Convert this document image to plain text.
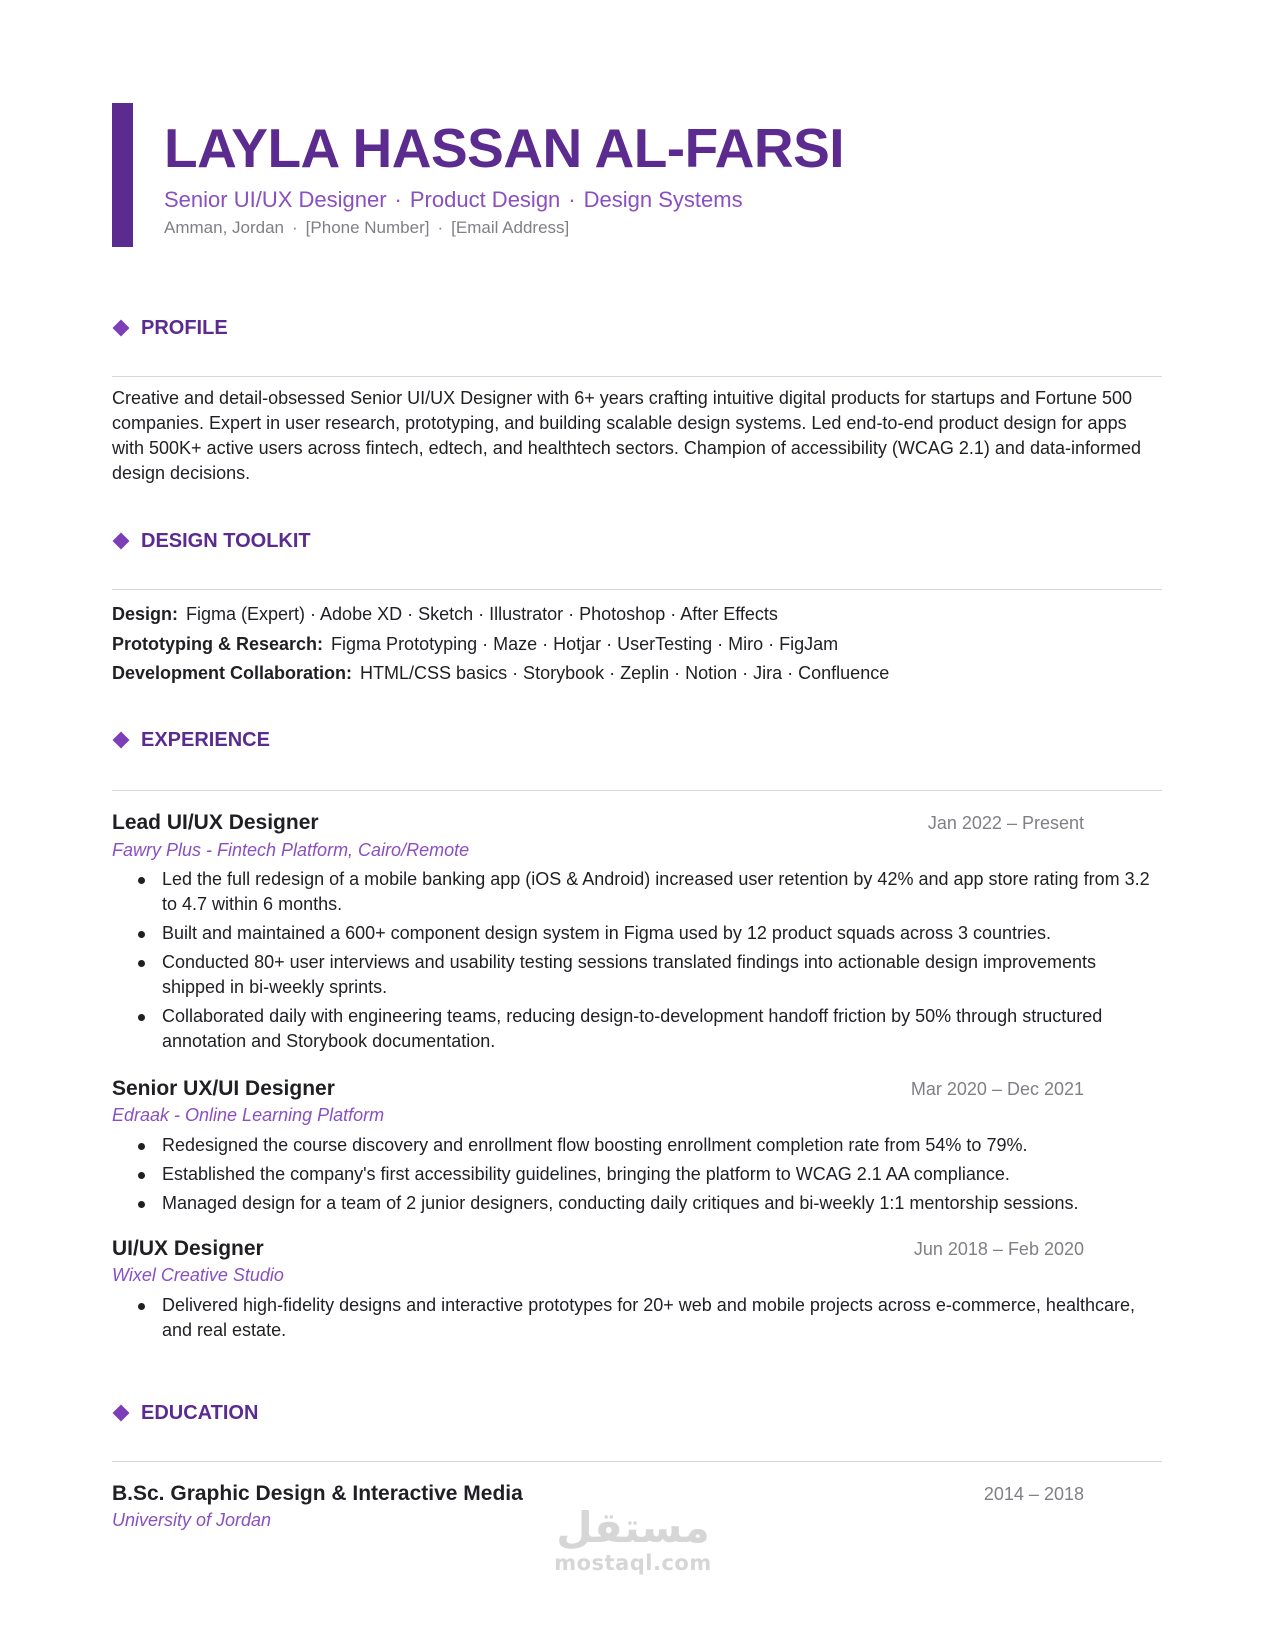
LAYLA HASSAN AL-FARSI
Senior UI/UX Designer · Product Design · Design Systems
Amman, Jordan · [Phone Number] · [Email Address]
PROFILE

Creative and detail-obsessed Senior UI/UX Designer with 6+ years crafting intuitive digital products for startups and Fortune 500 companies. Expert in user research, prototyping, and building scalable design systems. Led end-to-end product design for apps with 500K+ active users across fintech, edtech, and healthtech sectors. Champion of accessibility (WCAG 2.1) and data-informed design decisions.

DESIGN TOOLKIT
Design: Figma (Expert) · Adobe XD · Sketch · Illustrator · Photoshop · After Effects
Prototyping & Research: Figma Prototyping · Maze · Hotjar · UserTesting · Miro · FigJam
Development Collaboration: HTML/CSS basics · Storybook · Zeplin · Notion · Jira · Confluence
EXPERIENCE
Lead UI/UX Designer	Jan 2022 – Present
Fawry Plus - Fintech Platform, Cairo/Remote
Led the full redesign of a mobile banking app (iOS & Android) increased user retention by 42% and app store rating from 3.2 to 4.7 within 6 months.
Built and maintained a 600+ component design system in Figma used by 12 product squads across 3 countries.
Conducted 80+ user interviews and usability testing sessions translated findings into actionable design improvements shipped in bi-weekly sprints.
Collaborated daily with engineering teams, reducing design-to-development handoff friction by 50% through structured annotation and Storybook documentation.
Senior UX/UI Designer	Mar 2020 – Dec 2021
Edraak - Online Learning Platform
Redesigned the course discovery and enrollment flow boosting enrollment completion rate from 54% to 79%.
Established the company's first accessibility guidelines, bringing the platform to WCAG 2.1 AA compliance.
Managed design for a team of 2 junior designers, conducting daily critiques and bi-weekly 1:1 mentorship sessions.
UI/UX Designer	Jun 2018 – Feb 2020
Wixel Creative Studio
Delivered high-fidelity designs and interactive prototypes for 20+ web and mobile projects across e-commerce, healthcare, and real estate.
EDUCATION
B.Sc. Graphic Design & Interactive Media	2014 – 2018
University of Jordan	مستقل
mostaql.com
